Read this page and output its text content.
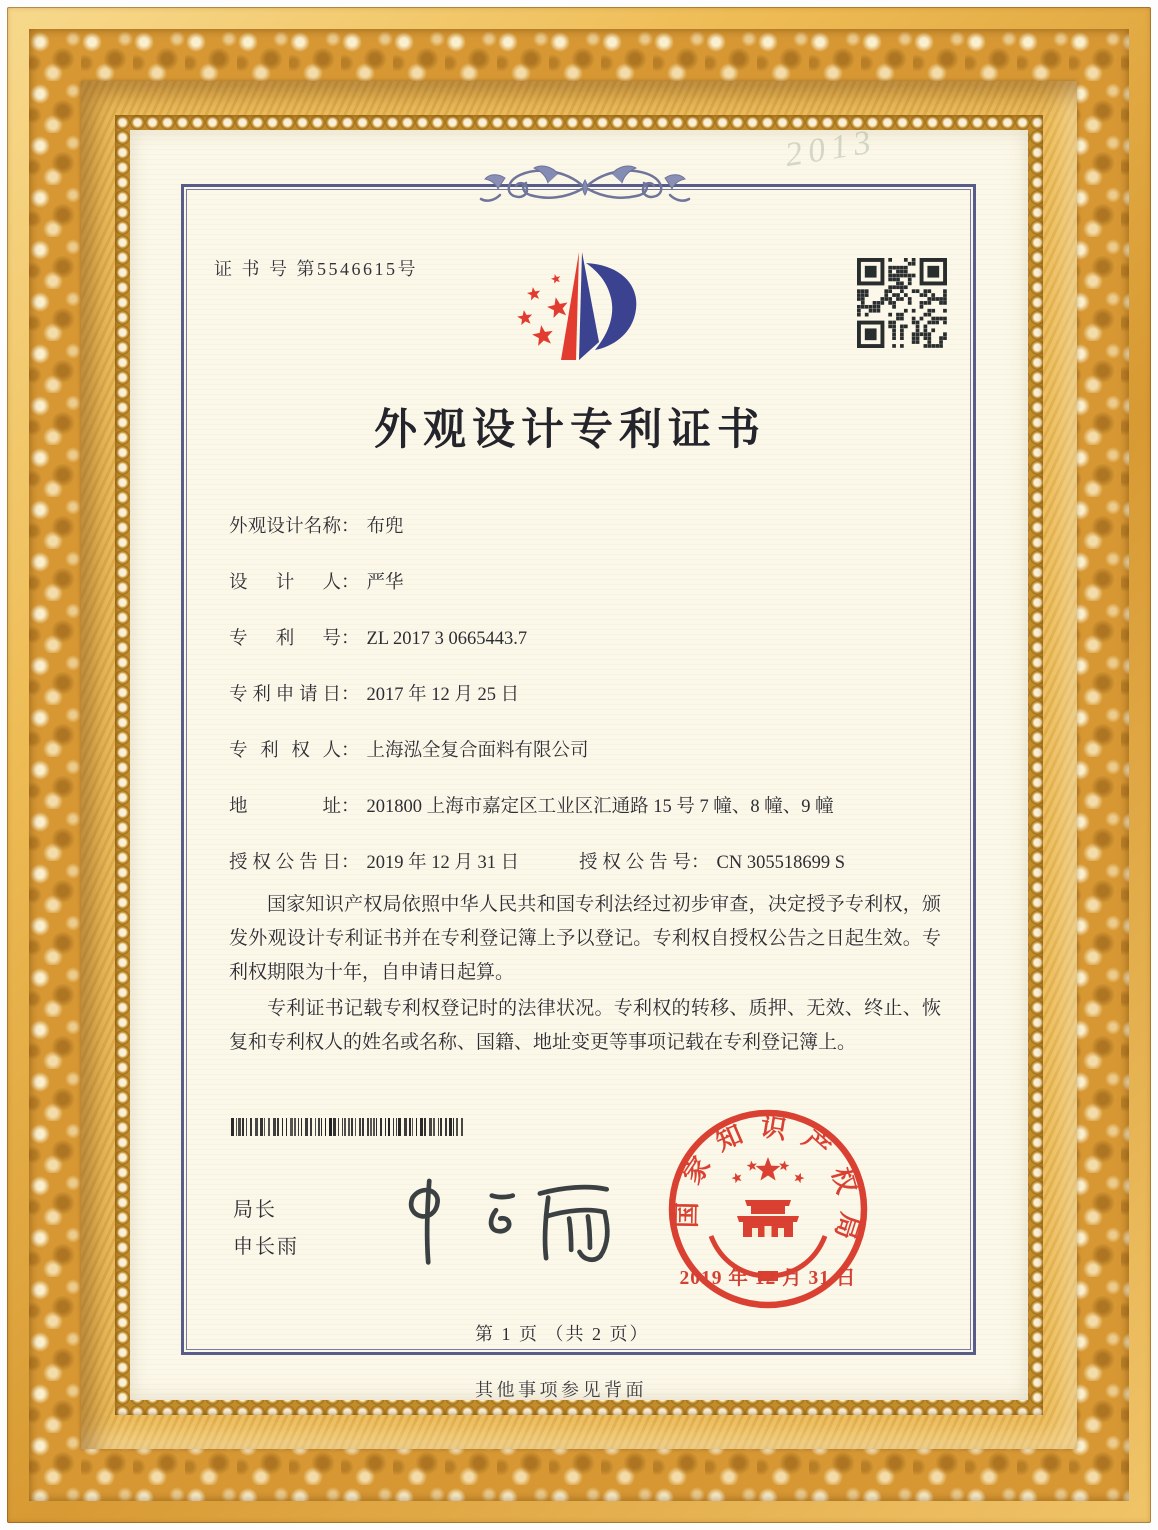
2013
证 书 号 第5546615号
外观设计专利证书
外观设计名称： 布兜
设计人： 严华
专利号： ZL 2017 3 0665443.7
专利申请日： 2017 年 12 月 25 日
专利权人： 上海泓全复合面料有限公司
地址： 201800 上海市嘉定区工业区汇通路 15 号 7 幢、8 幢、9 幢
授权公告日： 2019 年 12 月 31 日	授权公告号： CN 305518699 S

国家知识产权局依照中华人民共和国专利法经过初步审查，决定授予专利权，颁发外观设计专利证书并在专利登记簿上予以登记。专利权自授权公告之日起生效。专利权期限为十年，自申请日起算。

专利证书记载专利权登记时的法律状况。专利权的转移、质押、无效、终止、恢复和专利权人的姓名或名称、国籍、地址变更等事项记载在专利登记簿上。

局长
申长雨
国家知识产权局
2019 年 12 月 31 日
第 1 页 （共 2 页）
其他事项参见背面
